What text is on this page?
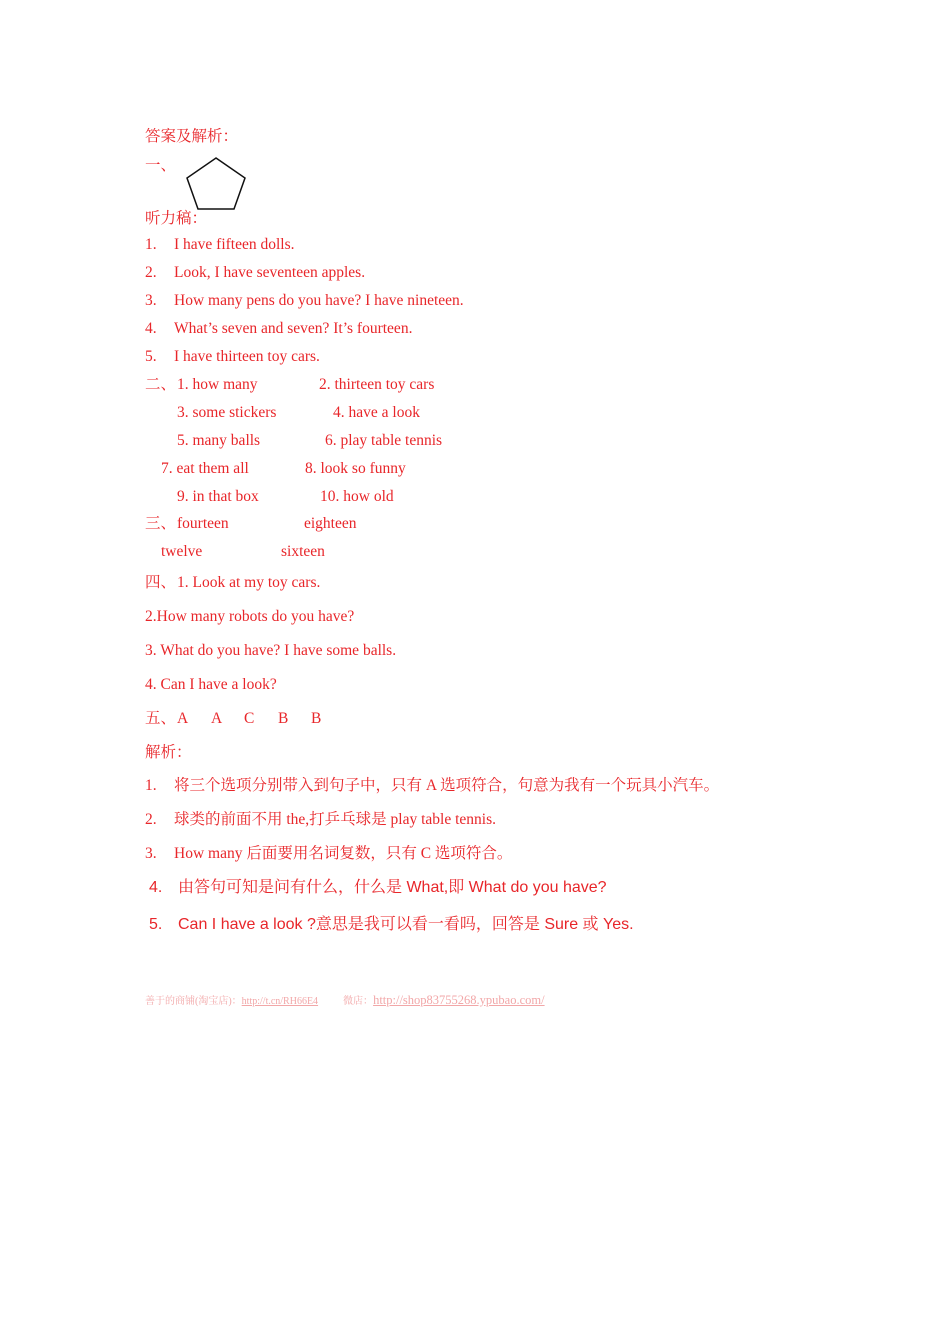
答案及解析：
一、
听力稿：
1. I have fifteen dolls.
2. Look, I have seventeen apples.
3. How many pens do you have? I have nineteen.
4. What’s seven and seven? It’s fourteen.
5. I have thirteen toy cars.
二、 1. how many	2. thirteen toy cars
3. some stickers	4. have a look
5. many balls	6. play table tennis
7. eat them all	8. look so funny
9. in that box	10. how old
三、 fourteen	eighteen
twelve	sixteen
四、 1. Look at my toy cars.
2.How many robots do you have?
3. What do you have? I have some balls.
4. Can I have a look?
五、 A A C B B
解析：
1. 将三个选项分别带入到句子中，只有 A 选项符合，句意为我有一个玩具小汽车。
2. 球类的前面不用 the,打乒乓球是 play table tennis.
3. How many 后面要用名词复数，只有 C 选项符合。
4. 由答句可知是问有什么，什么是 What,即 What do you have?
5. Can I have a look ?意思是我可以看一看吗，回答是 Sure 或 Yes.
善于的商铺(淘宝店)：http://t.cn/RH66E4	微店：http://shop83755268.ypubao.com/
